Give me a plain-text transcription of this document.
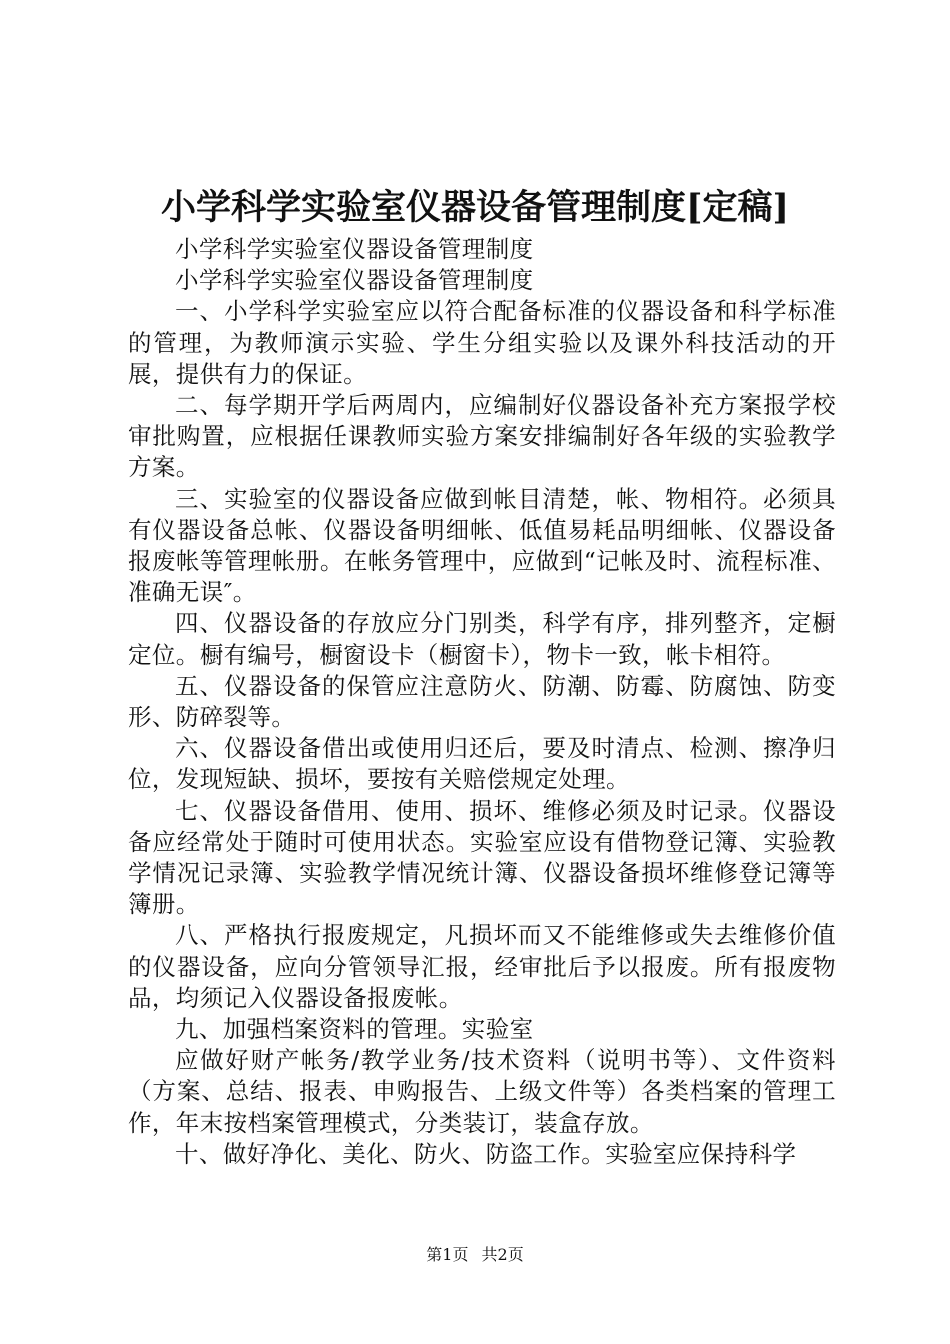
小学科学实验室仪器设备管理制度[定稿]

小学科学实验室仪器设备管理制度

小学科学实验室仪器设备管理制度

一、小学科学实验室应以符合配备标准的仪器设备和科学标准的管理，为教师演示实验、学生分组实验以及课外科技活动的开展，提供有力的保证。

二、每学期开学后两周内，应编制好仪器设备补充方案报学校审批购置，应根据任课教师实验方案安排编制好各年级的实验教学方案。

三、实验室的仪器设备应做到帐目清楚，帐、物相符。必须具有仪器设备总帐、仪器设备明细帐、低值易耗品明细帐、仪器设备报废帐等管理帐册。在帐务管理中，应做到“记帐及时、流程标准、准确无误″。

四、仪器设备的存放应分门别类，科学有序，排列整齐，定橱定位。橱有编号，橱窗设卡（橱窗卡），物卡一致，帐卡相符。

五、仪器设备的保管应注意防火、防潮、防霉、防腐蚀、防变形、防碎裂等。

六、仪器设备借出或使用归还后，要及时清点、检测、擦净归位，发现短缺、损坏，要按有关赔偿规定处理。

七、仪器设备借用、使用、损坏、维修必须及时记录。仪器设备应经常处于随时可使用状态。实验室应设有借物登记簿、实验教学情况记录簿、实验教学情况统计簿、仪器设备损坏维修登记簿等簿册。

八、严格执行报废规定，凡损坏而又不能维修或失去维修价值的仪器设备，应向分管领导汇报，经审批后予以报废。所有报废物品，均须记入仪器设备报废帐。

九、加强档案资料的管理。实验室

应做好财产帐务/教学业务/技术资料（说明书等）、文件资料（方案、总结、报表、申购报告、上级文件等）各类档案的管理工作，年末按档案管理模式，分类装订，装盒存放。

十、做好净化、美化、防火、防盗工作。实验室应保持科学

第1页 共2页
